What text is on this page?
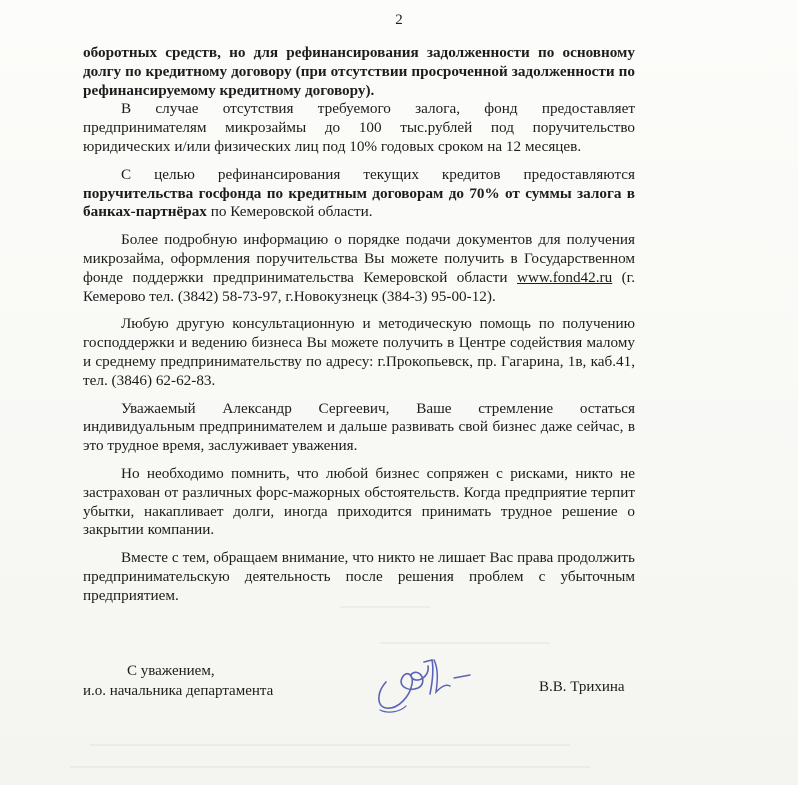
2

оборотных средств, но для рефинансирования задолженности по основному долгу по кредитному договору (при отсутствии просроченной задолженности по рефинансируемому кредитному договору).

В случае отсутствия требуемого залога, фонд предоставляет предпринимателям микрозаймы до 100 тыс.рублей под поручительство юридических и/или физических лиц под 10% годовых сроком на 12 месяцев.

С целью рефинансирования текущих кредитов предоставляются поручительства госфонда по кредитным договорам до 70% от суммы залога в банках-партнёрах по Кемеровской области.

Более подробную информацию о порядке подачи документов для получения микрозайма, оформления поручительства Вы можете получить в Государственном фонде поддержки предпринимательства Кемеровской области www.fond42.ru (г. Кемерово тел. (3842) 58-73-97, г.Новокузнецк (384-3) 95-00-12).

Любую другую консультационную и методическую помощь по получению господдержки и ведению бизнеса Вы можете получить в Центре содействия малому и среднему предпринимательству по адресу: г.Прокопьевск, пр. Гагарина, 1в, каб.41, тел. (3846) 62-62-83.

Уважаемый Александр Сергеевич, Ваше стремление остаться индивидуальным предпринимателем и дальше развивать свой бизнес даже сейчас, в это трудное время, заслуживает уважения.

Но необходимо помнить, что любой бизнес сопряжен с рисками, никто не застрахован от различных форс-мажорных обстоятельств. Когда предприятие терпит убытки, накапливает долги, иногда приходится принимать трудное решение о закрытии компании.

Вместе с тем, обращаем внимание, что никто не лишает Вас права продолжить предпринимательскую деятельность после решения проблем с убыточным предприятием.

С уважением,
и.о. начальника департамента	В.В. Трихина
